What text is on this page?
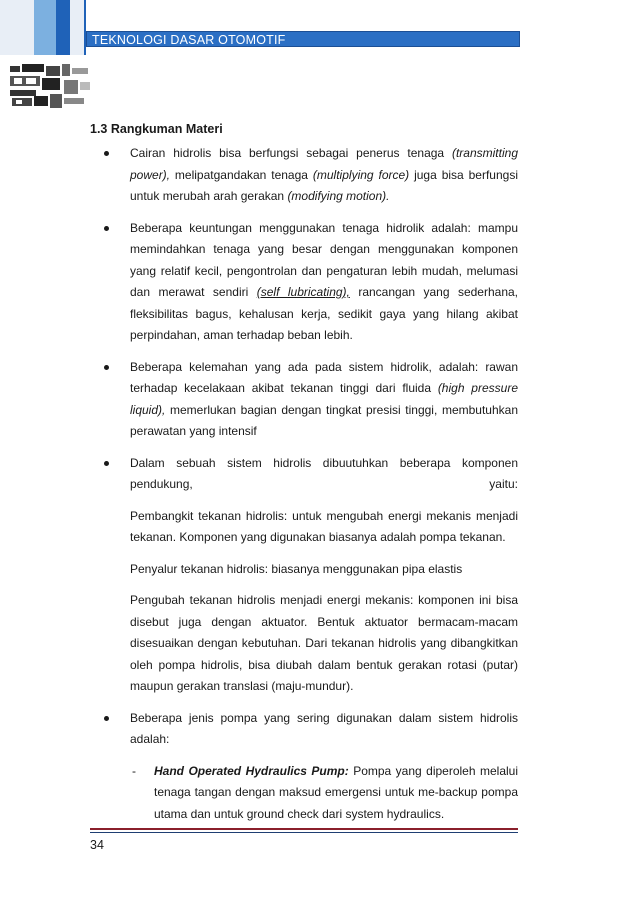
TEKNOLOGI DASAR OTOMOTIF
1.3 Rangkuman Materi
Cairan hidrolis bisa berfungsi sebagai penerus tenaga (transmitting power), melipatgandakan tenaga (multiplying force) juga bisa berfungsi untuk merubah arah gerakan (modifying motion).
Beberapa keuntungan menggunakan tenaga hidrolik adalah: mampu memindahkan tenaga yang besar dengan menggunakan komponen yang relatif kecil, pengontrolan dan pengaturan lebih mudah, melumasi dan merawat sendiri (self lubricating), rancangan yang sederhana, fleksibilitas bagus, kehalusan kerja, sedikit gaya yang hilang akibat perpindahan, aman terhadap beban lebih.
Beberapa kelemahan yang ada pada sistem hidrolik, adalah: rawan terhadap kecelakaan akibat tekanan tinggi dari fluida (high pressure liquid), memerlukan bagian dengan tingkat presisi tinggi, membutuhkan perawatan yang intensif
Dalam sebuah sistem hidrolis dibuutuhkan beberapa komponen pendukung, yaitu:
Pembangkit tekanan hidrolis: untuk mengubah energi mekanis menjadi tekanan. Komponen yang digunakan biasanya adalah pompa tekanan.
Penyalur tekanan hidrolis: biasanya menggunakan pipa elastis
Pengubah tekanan hidrolis menjadi energi mekanis: komponen ini bisa disebut juga dengan aktuator. Bentuk aktuator bermacam-macam disesuaikan dengan kebutuhan. Dari tekanan hidrolis yang dibangkitkan oleh pompa hidrolis, bisa diubah dalam bentuk gerakan rotasi (putar) maupun gerakan translasi (maju-mundur).
Beberapa jenis pompa yang sering digunakan dalam sistem hidrolis adalah:
- Hand Operated Hydraulics Pump: Pompa yang diperoleh melalui tenaga tangan dengan maksud emergensi untuk me-backup pompa utama dan untuk ground check dari system hydraulics.
34
